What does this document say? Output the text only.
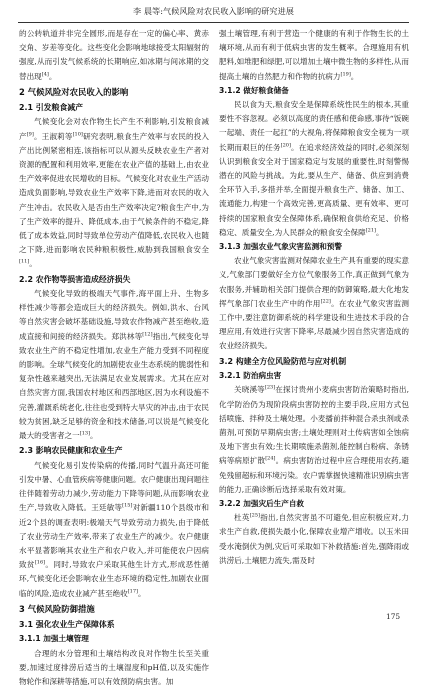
李 晨等:气候风险对农民收入影响的研究进展
的公转轨道并非完全圆形,而是存在一定的偏心率、黄赤交角、岁差等变化。这些变化会影响地球接受太阳辐射的强度,从而引发气候系统的长期响应,如冰期与间冰期的交替出现[4]。
2 气候风险对农民收入的影响
2.1 引发粮食减产
气候变化会对农作物生长产生不利影响,引发粮食减产[9]。王淑莉等[10]研究表明,粮食生产效率与农民的投入产出比例紧密相连,该指标可以从源头反映农业生产者对资源的配置和利用效率,更能在农业产值的基础上,由农业生产效率促进农民增收的目标。气候变化对农业生产活动造成负面影响,导致农业生产效率下降,进而对农民的收入产生冲击。农民收入是否由生产效率决定?粮食生产中,为了生产效率的提升、降低成本,由于气候条件的不稳定,降低了成本效益,同时导致单位劳动产值降低,农民收入也随之下降,进而影响农民种粮积极性,威胁到我国粮食安全[11]。
2.2 农作物等损害造成经济损失
气候变化导致的极端天气事件,海平面上升、生物多样性减少等都会造成巨大的经济损失。例如,洪水、台风等自然灾害会破坏基础设施,导致农作物减产甚至绝收,造成直接和间接的经济损失。郑洪林等[12]指出,气候变化导致农业生产的不稳定性增加,农业生产能力受到不同程度的影响。全球气候变化的加剧使农业生态系统的脆弱性和复杂性越来越突出,无法满足农业发展需求。尤其在应对自然灾害方面,我国农村地区和西部地区,因为水利设施不完善,灌溉系统老化,往往也受到特大旱灾的冲击,由于农民较为贫困,缺乏足够的资金和技术储备,可以说是气候变化最大的受害者之一[13]。
2.3 影响农民健康和农业生产
气候变化易引发传染病的传播,同时气温升高还可能引发中暑、心血管疾病等健康问题。农户健康出现问题往往伴随着劳动力减少,劳动能力下降等问题,从而影响农业生产,导致收入降低。王廷敏等[15]对新疆110个县级市和近2个县的调查表明:极端天气导致劳动力损失,由于降低了农业劳动生产效率,带来了农业生产的减少。农户健康水平显著影响其农业生产和农户收入,并可能使农户因病致贫[16]。同时,导致农户采取其他生计方式,形成恶性循环,气候变化还会影响农业生态环境的稳定性,加剧农业面临的风险,造成农业减产甚至绝收[17]。
3 气候风险防御措施
3.1 强化农业生产保障体系
3.1.1 加强土壤管理
合理的水分管理和土壤结构改良对作物生长至关重要,加速过度排涝后适当的土壤湿度和pH值,以及实施作物轮作和深耕等措施,可以有效预防病虫害。加
强土壤管理,有利于营造一个健康的有利于作物生长的土壤环境,从而有利于低病虫害的发生概率。合理施用有机肥料,如堆肥和绿肥,可以增加土壤中微生物的多样性,从而提高土壤的自然肥力和作物的抗病力[19]。
3.1.2 做好粮食储备
民以食为天,粮食安全是保障系统性民生的根本,其重要性不容忽视。必须以高度的责任感和使命感,事待“饭碗一起端、责任一起扛”的大视角,将保障粮食安全视为一项长期而艰巨的任务[20]。在追求经济效益的同时,必须深刻认识到粮食安全对于国家稳定与发展的重要性,时刻警惕潜在的风险与挑战。为此,要从生产、储备、供应到消费全环节入手,多措并举,全面提升粮食生产、储备、加工、流通能力,构建一个高效完善,更高质量、更有效率、更可持续的国家粮食安全保障体系,确保粮食供给充足、价格稳定、质量安全,为人民群众的粮食安全保障[21]。
3.1.3 加强农业气象灾害监测和预警
农业气象灾害监测对保障农业生产具有重要的现实意义,气象部门要做好全方位气象服务工作,真正做到气象为农服务,并辅助相关部门提供合理的防御策略,最大化地发挥气象部门农业生产中的作用[22]。在农业气象灾害监测工作中,要注意防御系统的科学建设和生进技术手段的合理应用,有效进行灾害下降率,尽最减少因自然灾害造成的农业经济损失。
3.2 构建全方位风险防范与应对机制
3.2.1 防治病虫害
关晓溪等[23]在探讨贵州小麦病虫害防治策略时指出,化学防治仍为现阶段病虫害防控的主要手段,应用方式包括喷施、拌种及土壤处理。小麦播前拌种混合杀虫剂或杀菌剂,可预防早期病虫害;土壤处理则对土传病害如全蚀病及地下害虫有效;生长期喷施杀菌剂,能控制白粉病、条锈病等病原扩散[24]。病虫害防治过程中应合理使用农药,避免残留超标和环境污染。农户需掌握快速精准识别病虫害的能力,正确诊断后选择采取有效对策。
3.2.2 加强灾后生产自救
杜英[25]指出,自然灾害虽不可避免,但应积极应对,力求生产自救,使损失最小化,保障农业增产增收。以玉米田受水淹倒伏为例,灾后可采取如下补救措施:首先,强降雨或洪涝后,土壤肥力流失,需及时
175
